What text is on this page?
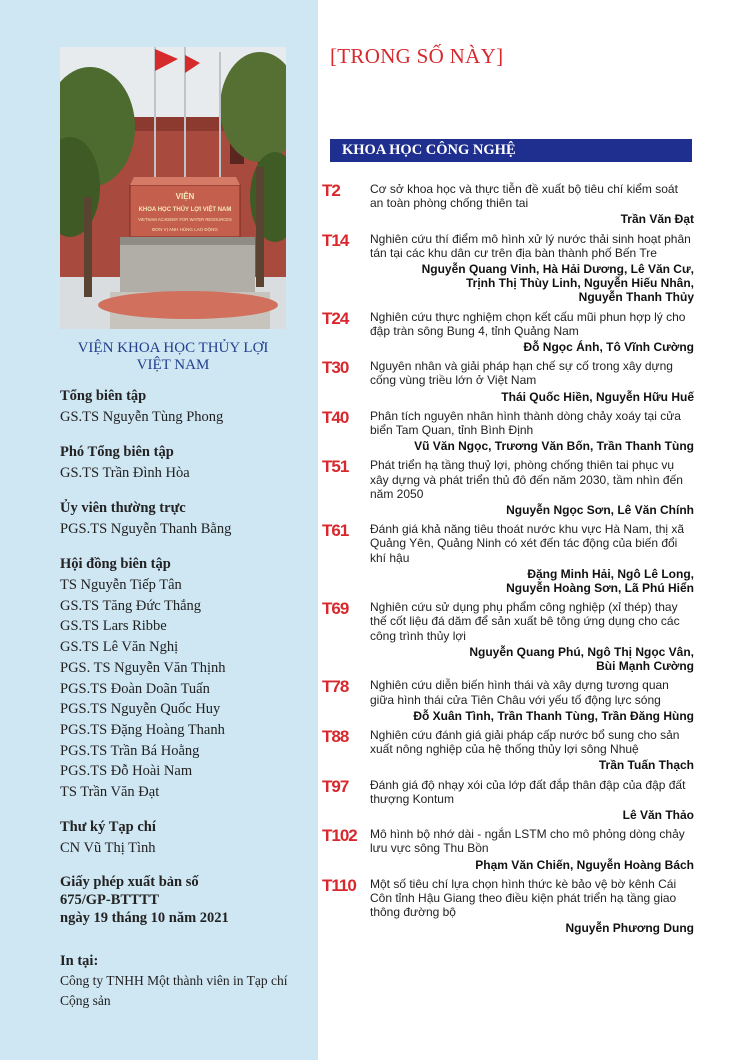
VIỆN
KHOA HỌC THỦY LỢI VIỆT NAM
VIETNAM ACADEMY FOR WATER RESOURCES
ĐƠN VỊ ANH HÙNG LAO ĐỘNG
VIỆN KHOA HỌC THỦY LỢI
VIỆT NAM
Tổng biên tập
GS.TS Nguyễn Tùng Phong
Phó Tổng biên tập
GS.TS Trần Đình Hòa
Ủy viên thường trực
PGS.TS Nguyễn Thanh Bằng
Hội đồng biên tập
TS Nguyễn Tiếp Tân
GS.TS Tăng Đức Thắng
GS.TS Lars Ribbe
GS.TS Lê Văn Nghị
PGS. TS Nguyễn Văn Thịnh
PGS.TS Đoàn Doãn Tuấn
PGS.TS Nguyễn Quốc Huy
PGS.TS Đặng Hoàng Thanh
PGS.TS Trần Bá Hoằng
PGS.TS Đỗ Hoài Nam
TS Trần Văn Đạt
Thư ký Tạp chí
CN Vũ Thị Tình
Giấy phép xuất bản số
675/GP-BTTTT
ngày 19 tháng 10 năm 2021
In tại:
Công ty TNHH Một thành viên in Tạp chí Cộng sản
[TRONG SỐ NÀY]
KHOA HỌC CÔNG NGHỆ
T2	Cơ sở khoa học và thực tiễn đề xuất bộ tiêu chí kiểm soát an toàn phòng chống thiên tai
Trần Văn Đạt
T14	Nghiên cứu thí điểm mô hình xử lý nước thải sinh hoạt phân tán tại các khu dân cư trên địa bàn thành phố Bến Tre
Nguyễn Quang Vinh, Hà Hải Dương, Lê Văn Cư,
Trịnh Thị Thùy Linh, Nguyễn Hiếu Nhân,
Nguyễn Thanh Thủy
T24	Nghiên cứu thực nghiệm chọn kết cấu mũi phun hợp lý cho đập tràn sông Bung 4, tỉnh Quảng Nam
Đỗ Ngọc Ánh, Tô Vĩnh Cường
T30	Nguyên nhân và giải pháp hạn chế sự cố trong xây dựng cống vùng triều lớn ở Việt Nam
Thái Quốc Hiền, Nguyễn Hữu Huế
T40	Phân tích nguyên nhân hình thành dòng chảy xoáy tại cửa biển Tam Quan, tỉnh Bình Định
Vũ Văn Ngọc, Trương Văn Bốn, Trần Thanh Tùng
T51	Phát triển hạ tầng thuỷ lợi, phòng chống thiên tai phục vụ xây dựng và phát triển thủ đô đến năm 2030, tầm nhìn đến năm 2050
Nguyễn Ngọc Sơn, Lê Văn Chính
T61	Đánh giá khả năng tiêu thoát nước khu vực Hà Nam, thị xã Quảng Yên, Quảng Ninh có xét đến tác động của biến đổi khí hậu
Đặng Minh Hải, Ngô Lê Long,
Nguyễn Hoàng Sơn, Lã Phú Hiển
T69	Nghiên cứu sử dụng phụ phẩm công nghiệp (xỉ thép) thay thế cốt liệu đá dăm để sản xuất bê tông ứng dụng cho các công trình thủy lợi
Nguyễn Quang Phú, Ngô Thị Ngọc Vân,
Bùi Mạnh Cường
T78	Nghiên cứu diễn biến hình thái và xây dựng tương quan giữa hình thái cửa Tiên Châu với yếu tố động lực sóng
Đỗ Xuân Tình, Trần Thanh Tùng, Trần Đăng Hùng
T88	Nghiên cứu đánh giá giải pháp cấp nước bổ sung cho sản xuất nông nghiệp của hệ thống thủy lợi sông Nhuệ
Trần Tuấn Thạch
T97	Đánh giá độ nhạy xói của lớp đất đắp thân đập của đập đất thượng Kontum
Lê Văn Thảo
T102	Mô hình bộ nhớ dài - ngắn LSTM cho mô phỏng dòng chảy lưu vực sông Thu Bồn
Phạm Văn Chiến, Nguyễn Hoàng Bách
T110	Một số tiêu chí lựa chọn hình thức kè bảo vệ bờ kênh Cái Côn tỉnh Hậu Giang theo điều kiện phát triển hạ tầng giao thông đường bộ
Nguyễn Phương Dung
